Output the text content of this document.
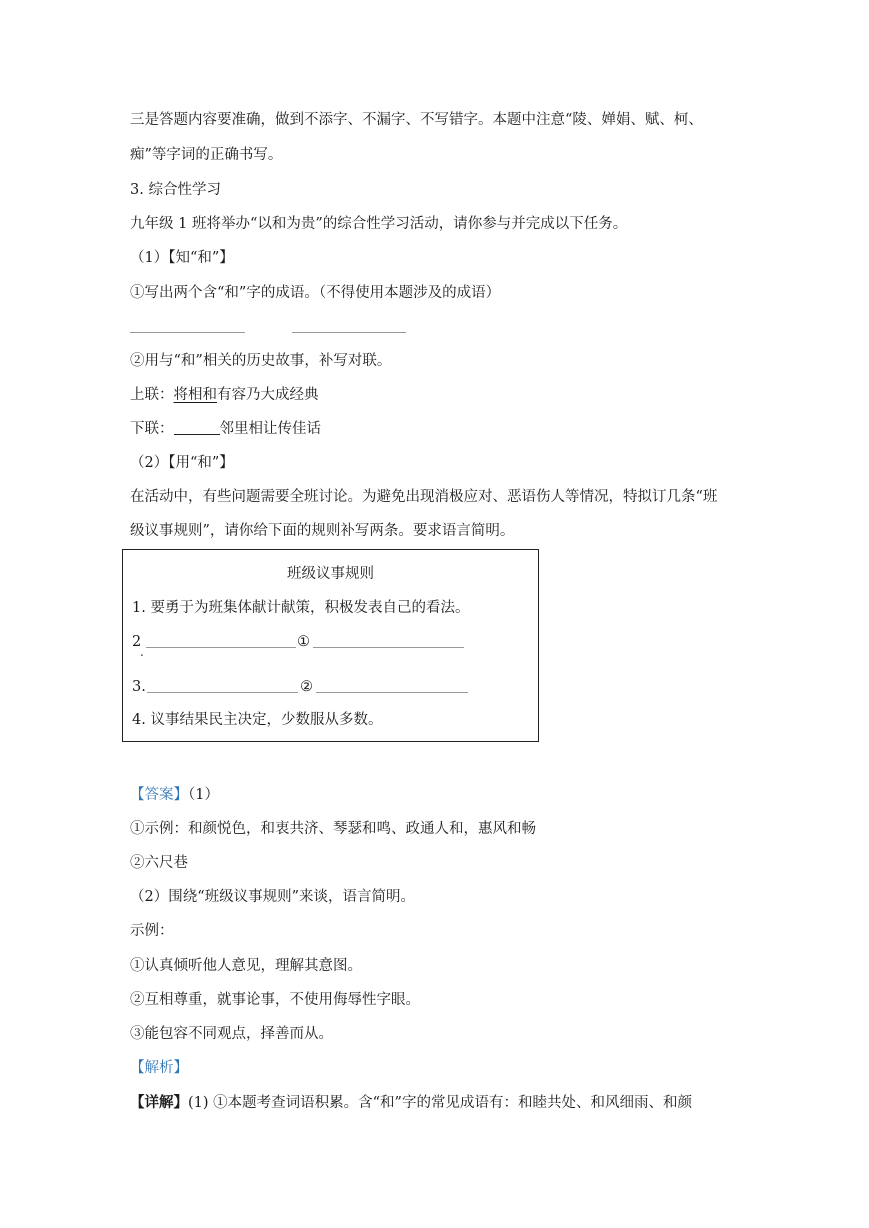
三是答题内容要准确，做到不添字、不漏字、不写错字。本题中注意“陵、婵娟、赋、柯、
痴”等字词的正确书写。
3. 综合性学习
九年级 1 班将举办“以和为贵”的综合性学习活动，请你参与并完成以下任务。
（1）【知“和”】
①写出两个含“和”字的成语。（不得使用本题涉及的成语）
②用与“和”相关的历史故事，补写对联。
上联：将相和有容乃大成经典
下联：	邻里相让传佳话
（2）【用“和”】
在活动中，有些问题需要全班讨论。为避免出现消极应对、恶语伤人等情况，特拟订几条“班
级议事规则”，请你给下面的规则补写两条。要求语言简明。
班级议事规则
1. 要勇于为班集体献计献策，积极发表自己的看法。
2
.
①
3.	②
4. 议事结果民主决定，少数服从多数。
【答案】（1）
①示例：和颜悦色，和衷共济、琴瑟和鸣、政通人和，惠风和畅
②六尺巷
（2）围绕“班级议事规则”来谈，语言简明。
示例：
①认真倾听他人意见，理解其意图。
②互相尊重，就事论事，不使用侮辱性字眼。
③能包容不同观点，择善而从。
【解析】
【详解】(1) ①本题考查词语积累。含“和”字的常见成语有：和睦共处、和风细雨、和颜
